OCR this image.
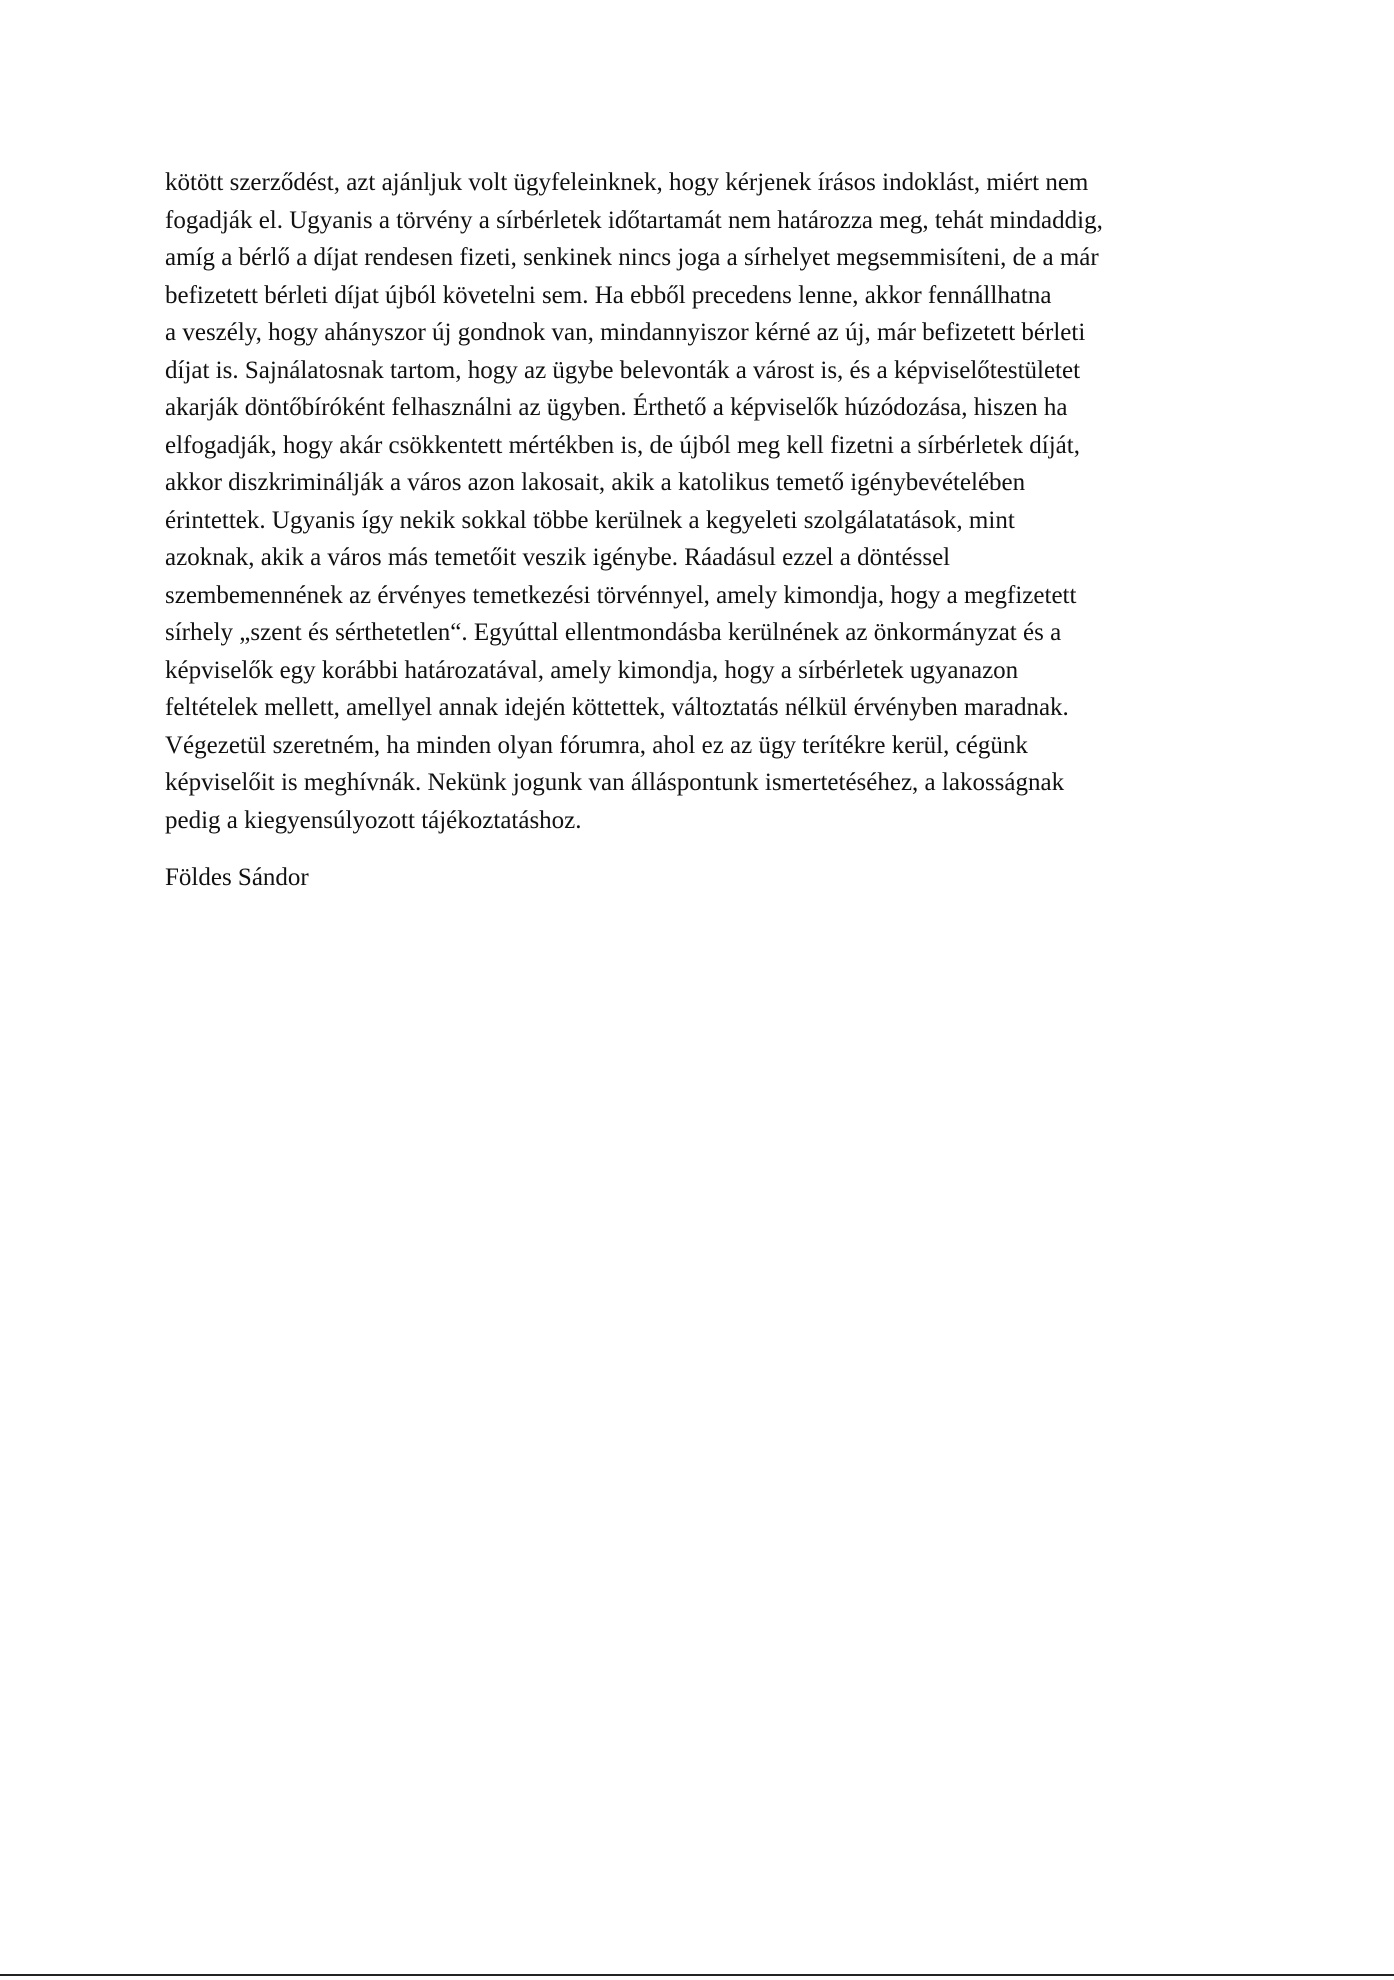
kötött szerződést, azt ajánljuk volt ügyfeleinknek, hogy kérjenek írásos indoklást, miért nem
fogadják el. Ugyanis a törvény a sírbérletek időtartamát nem határozza meg, tehát mindaddig,
amíg a bérlő a díjat rendesen fizeti, senkinek nincs joga a sírhelyet megsemmisíteni, de a már
befizetett bérleti díjat újból követelni sem. Ha ebből precedens lenne, akkor fennállhatna
a veszély, hogy ahányszor új gondnok van, mindannyiszor kérné az új, már befizetett bérleti
díjat is. Sajnálatosnak tartom, hogy az ügybe belevonták a várost is, és a képviselőtestületet
akarják döntőbíróként felhasználni az ügyben. Érthető a képviselők húzódozása, hiszen ha
elfogadják, hogy akár csökkentett mértékben is, de újból meg kell fizetni a sírbérletek díját,
akkor diszkriminálják a város azon lakosait, akik a katolikus temető igénybevételében
érintettek. Ugyanis így nekik sokkal többe kerülnek a kegyeleti szolgálatatások, mint
azoknak, akik a város más temetőit veszik igénybe. Ráadásul ezzel a döntéssel
szembemennének az érvényes temetkezési törvénnyel, amely kimondja, hogy a megfizetett
sírhely „szent és sérthetetlen“. Egyúttal ellentmondásba kerülnének az önkormányzat és a
képviselők egy korábbi határozatával, amely kimondja, hogy a sírbérletek ugyanazon
feltételek mellett, amellyel annak idején köttettek, változtatás nélkül érvényben maradnak.
Végezetül szeretném, ha minden olyan fórumra, ahol ez az ügy terítékre kerül, cégünk
képviselőit is meghívnák. Nekünk jogunk van álláspontunk ismertetéséhez, a lakosságnak
pedig a kiegyensúlyozott tájékoztatáshoz.
Földes Sándor
